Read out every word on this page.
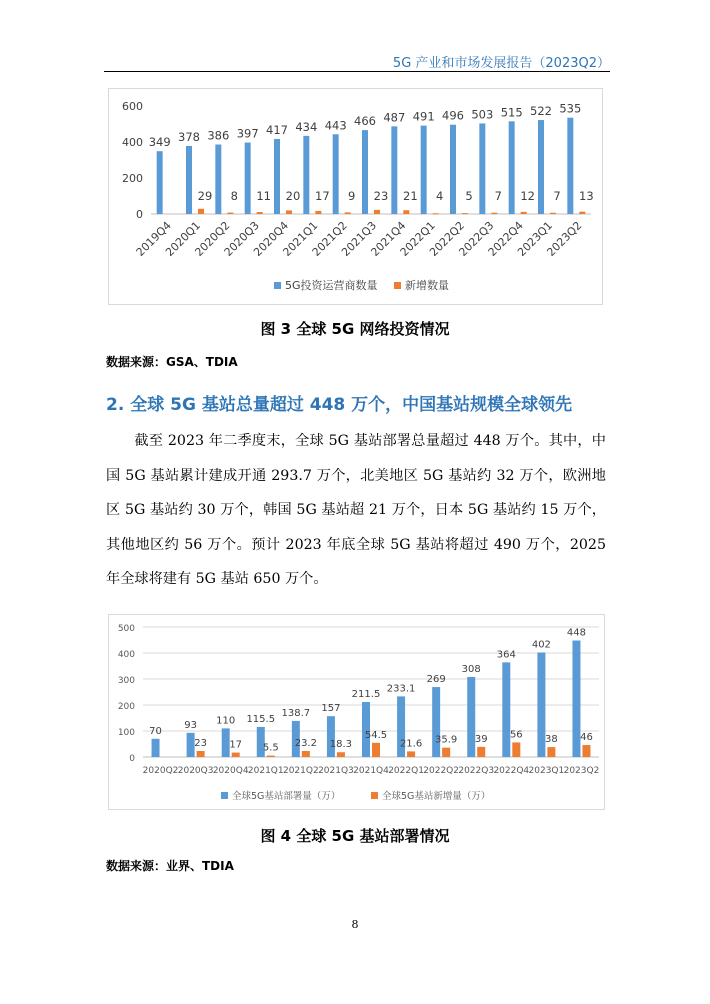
5G 产业和市场发展报告（2023Q2）
0
200
400
600
349
2019Q4
378
29
2020Q1
386
8
2020Q2
397
11
2020Q3
417
20
2020Q4
434
17
2021Q1
443
9
2021Q2
466
23
2021Q3
487
21
2021Q4
491
4
2022Q1
496
5
2022Q2
503
7
2022Q3
515
12
2022Q4
522
7
2023Q1
535
13
2023Q2
5G投资运营商数量 新增数量
图 3 全球 5G 网络投资情况
数据来源：GSA、TDIA
2. 全球 5G 基站总量超过 448 万个，中国基站规模全球领先
截至 2023 年二季度末，全球 5G 基站部署总量超过 448 万个。其中，中国 5G 基站累计建成开通 293.7 万个，北美地区 5G 基站约 32 万个，欧洲地区 5G 基站约 30 万个，韩国 5G 基站超 21 万个，日本 5G 基站约 15 万个，其他地区约 56 万个。预计 2023 年底全球 5G 基站将超过 490 万个，2025 年全球将建有 5G 基站 650 万个。
0
100
200
300
400
500
70
2020Q2
93
23
2020Q3
110
17
2020Q4
115.5
5.5
2021Q1
138.7
23.2
2021Q2
157
18.3
2021Q3
211.5
54.5
2021Q4
233.1
21.6
2022Q1
269
35.9
2022Q2
308
39
2022Q3
364
56
2022Q4
402
38
2023Q1
448
46
2023Q2
全球5G基站部署量（万）	全球5G基站新增量（万）
图 4 全球 5G 基站部署情况
数据来源：业界、TDIA
8
